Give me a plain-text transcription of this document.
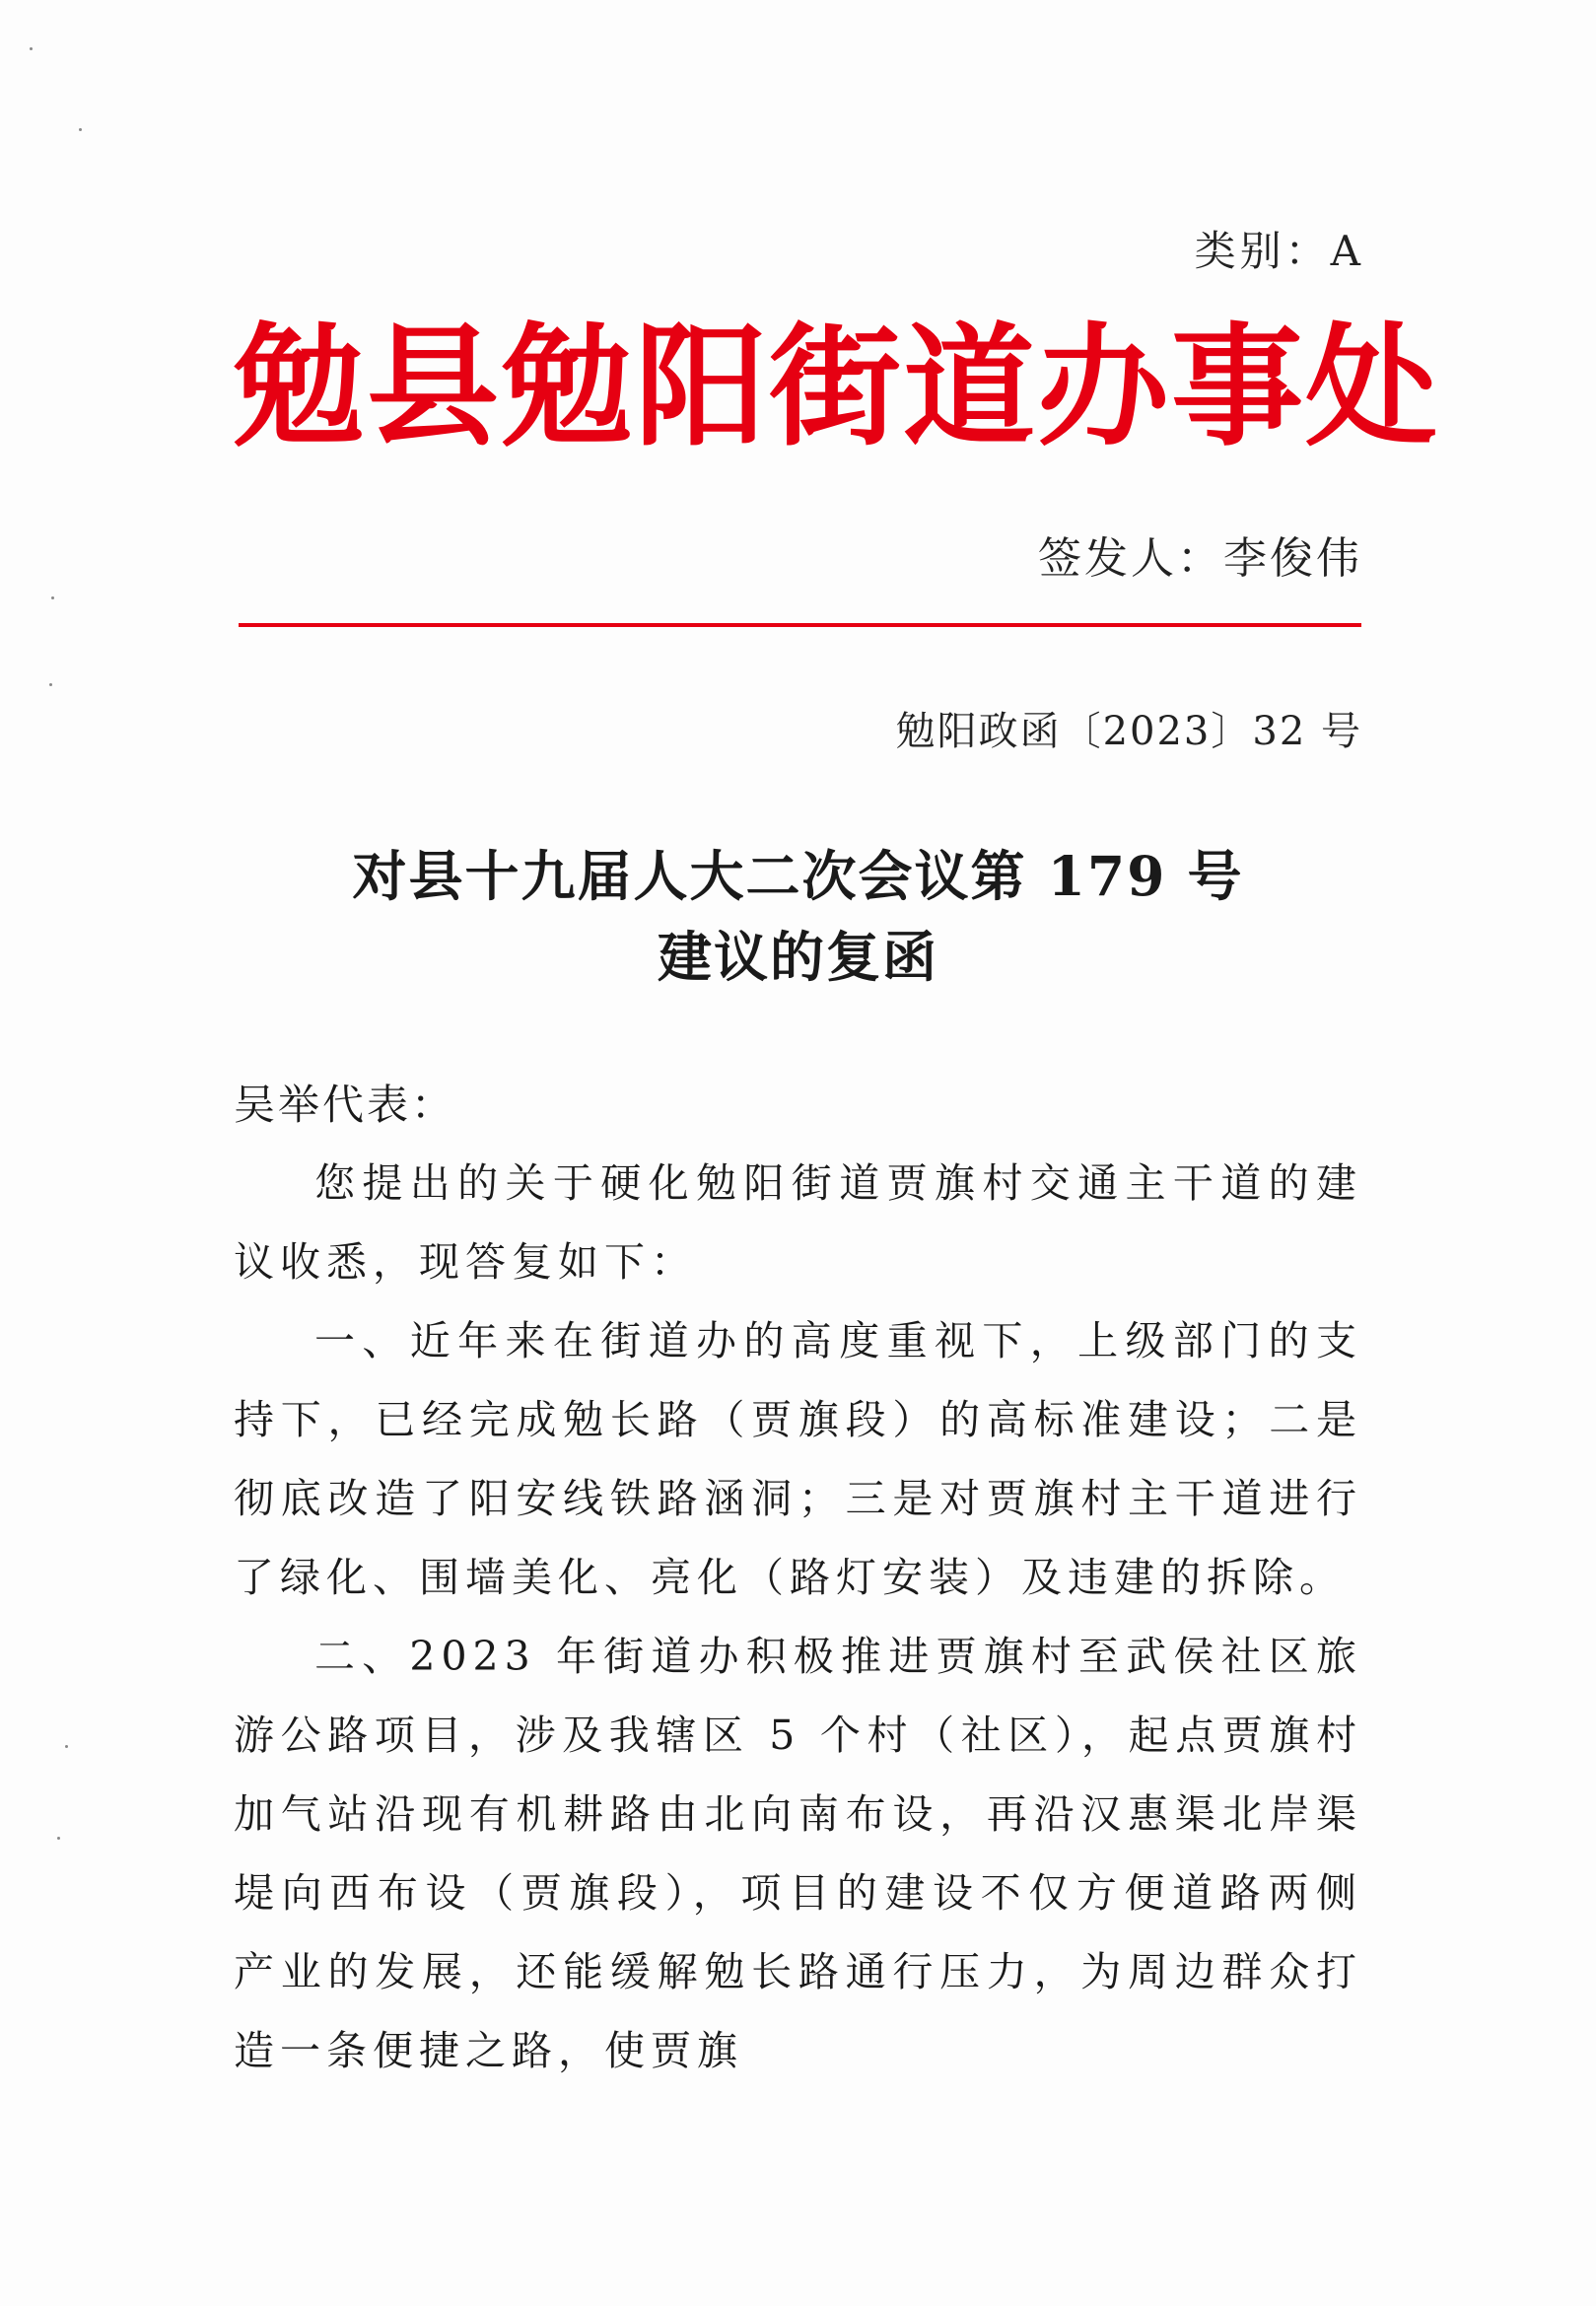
类别：A
勉县勉阳街道办事处
签发人：李俊伟
勉阳政函〔2023〕32 号
对县十九届人大二次会议第 179 号
建议的复函
吴举代表：

您提出的关于硬化勉阳街道贾旗村交通主干道的建议收悉，现答复如下：

一、近年来在街道办的高度重视下，上级部门的支持下，已经完成勉长路（贾旗段）的高标准建设；二是彻底改造了阳安线铁路涵洞；三是对贾旗村主干道进行了绿化、围墙美化、亮化（路灯安装）及违建的拆除。

二、2023 年街道办积极推进贾旗村至武侯社区旅游公路项目，涉及我辖区 5 个村（社区），起点贾旗村加气站沿现有机耕路由北向南布设，再沿汉惠渠北岸渠堤向西布设（贾旗段），项目的建设不仅方便道路两侧产业的发展，还能缓解勉长路通行压力，为周边群众打造一条便捷之路，使贾旗
